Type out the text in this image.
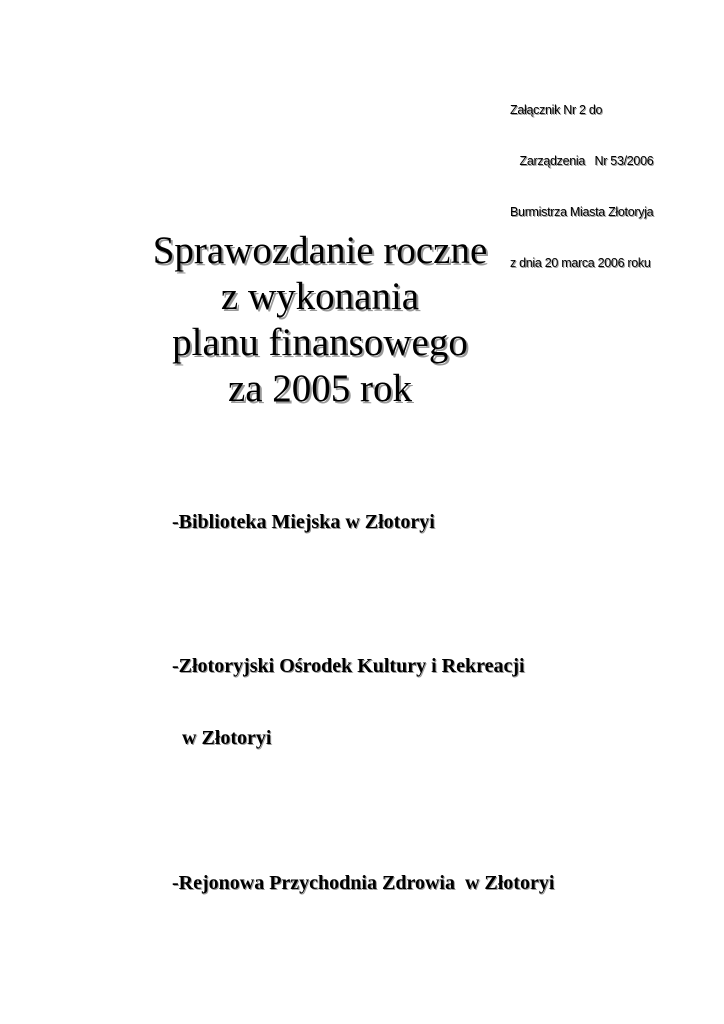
Załącznik Nr 2 do

Zarządzenia   Nr 53/2006

Burmistrza Miasta Złotoryja

z dnia 20 marca 2006 roku

Sprawozdanie roczne
z wykonania
planu finansowego
za 2005 rok

-Biblioteka Miejska w Złotoryi

-Złotoryjski Ośrodek Kultury i Rekreacji

w Złotoryi

-Rejonowa Przychodnia Zdrowia  w Złotoryi
